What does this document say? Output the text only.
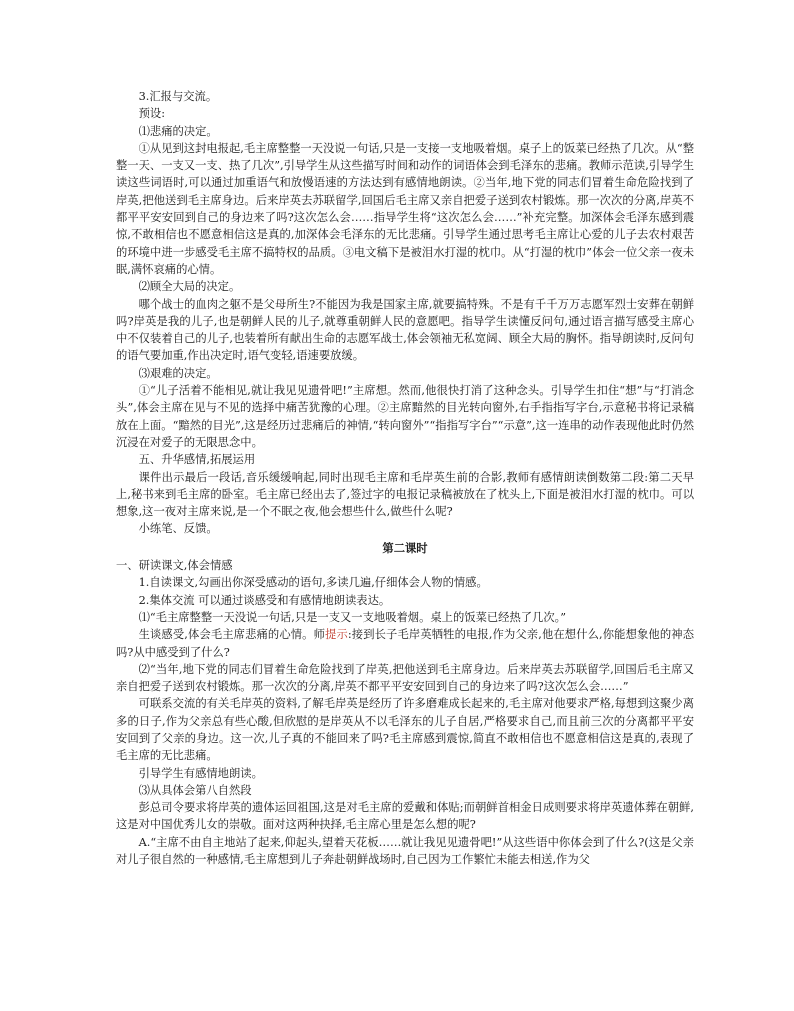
3.汇报与交流。

预设:

⑴悲痛的决定。

①从见到这封电报起,毛主席整整一天没说一句话,只是一支接一支地吸着烟。桌子上的饭菜已经热了几次。从“整整一天、一支又一支、热了几次”,引导学生从这些描写时间和动作的词语体会到毛泽东的悲痛。教师示范读,引导学生读这些词语时,可以通过加重语气和放慢语速的方法达到有感情地朗读。②当年,地下党的同志们冒着生命危险找到了岸英,把他送到毛主席身边。后来岸英去苏联留学,回国后毛主席又亲自把爱子送到农村锻炼。那一次次的分离,岸英不都平平安安回到自己的身边来了吗?这次怎么会……指导学生将“这次怎么会……”补充完整。加深体会毛泽东感到震惊,不敢相信也不愿意相信这是真的,加深体会毛泽东的无比悲痛。引导学生通过思考毛主席让心爱的儿子去农村艰苦的环境中进一步感受毛主席不搞特权的品质。③电文稿下是被泪水打湿的枕巾。从“打湿的枕巾”体会一位父亲一夜未眠,满怀哀痛的心情。

⑵顾全大局的决定。

哪个战士的血肉之躯不是父母所生?不能因为我是国家主席,就要搞特殊。不是有千千万万志愿军烈士安葬在朝鲜吗?岸英是我的儿子,也是朝鲜人民的儿子,就尊重朝鲜人民的意愿吧。指导学生读懂反问句,通过语言描写感受主席心中不仅装着自己的儿子,也装着所有献出生命的志愿军战士,体会领袖无私宽阔、顾全大局的胸怀。指导朗读时,反问句的语气要加重,作出决定时,语气变轻,语速要放缓。

⑶艰难的决定。

①“儿子活着不能相见,就让我见见遗骨吧!”主席想。然而,他很快打消了这种念头。引导学生扣住“想”与“打消念头”,体会主席在见与不见的选择中痛苦犹豫的心理。②主席黯然的目光转向窗外,右手指指写字台,示意秘书将记录稿放在上面。“黯然的目光”,这是经历过悲痛后的神情,“转向窗外”“指指写字台”“示意”,这一连串的动作表现他此时仍然沉浸在对爱子的无限思念中。

五、升华感情,拓展运用

课件出示最后一段话,音乐缓缓响起,同时出现毛主席和毛岸英生前的合影,教师有感情朗读倒数第二段:第二天早上,秘书来到毛主席的卧室。毛主席已经出去了,签过字的电报记录稿被放在了枕头上,下面是被泪水打湿的枕巾。可以想象,这一夜对主席来说,是一个不眠之夜,他会想些什么,做些什么呢?

小练笔、反馈。

第二课时

一、研读课文,体会情感

1.自读课文,勾画出你深受感动的语句,多读几遍,仔细体会人物的情感。

2.集体交流 可以通过谈感受和有感情地朗读表达。

⑴“毛主席整整一天没说一句话,只是一支又一支地吸着烟。桌上的饭菜已经热了几次。”

生谈感受,体会毛主席悲痛的心情。师提示:接到长子毛岸英牺牲的电报,作为父亲,他在想什么,你能想象他的神态吗?从中感受到了什么?

⑵“当年,地下党的同志们冒着生命危险找到了岸英,把他送到毛主席身边。后来岸英去苏联留学,回国后毛主席又亲自把爱子送到农村锻炼。那一次次的分离,岸英不都平平安安回到自己的身边来了吗?这次怎么会……”

可联系交流的有关毛岸英的资料,了解毛岸英是经历了许多磨难成长起来的,毛主席对他要求严格,每想到这聚少离多的日子,作为父亲总有些心酸,但欣慰的是岸英从不以毛泽东的儿子自居,严格要求自己,而且前三次的分离都平平安安回到了父亲的身边。这一次,儿子真的不能回来了吗?毛主席感到震惊,简直不敢相信也不愿意相信这是真的,表现了毛主席的无比悲痛。

引导学生有感情地朗读。

⑶从具体会第八自然段

彭总司令要求将岸英的遗体运回祖国,这是对毛主席的爱戴和体贴;而朝鲜首相金日成则要求将岸英遗体葬在朝鲜,这是对中国优秀儿女的崇敬。面对这两种抉择,毛主席心里是怎么想的呢?

A.“主席不由自主地站了起来,仰起头,望着天花板……就让我见见遗骨吧!”从这些语中你体会到了什么?(这是父亲对儿子很自然的一种感情,毛主席想到儿子奔赴朝鲜战场时,自己因为工作繁忙未能去相送,作为父
